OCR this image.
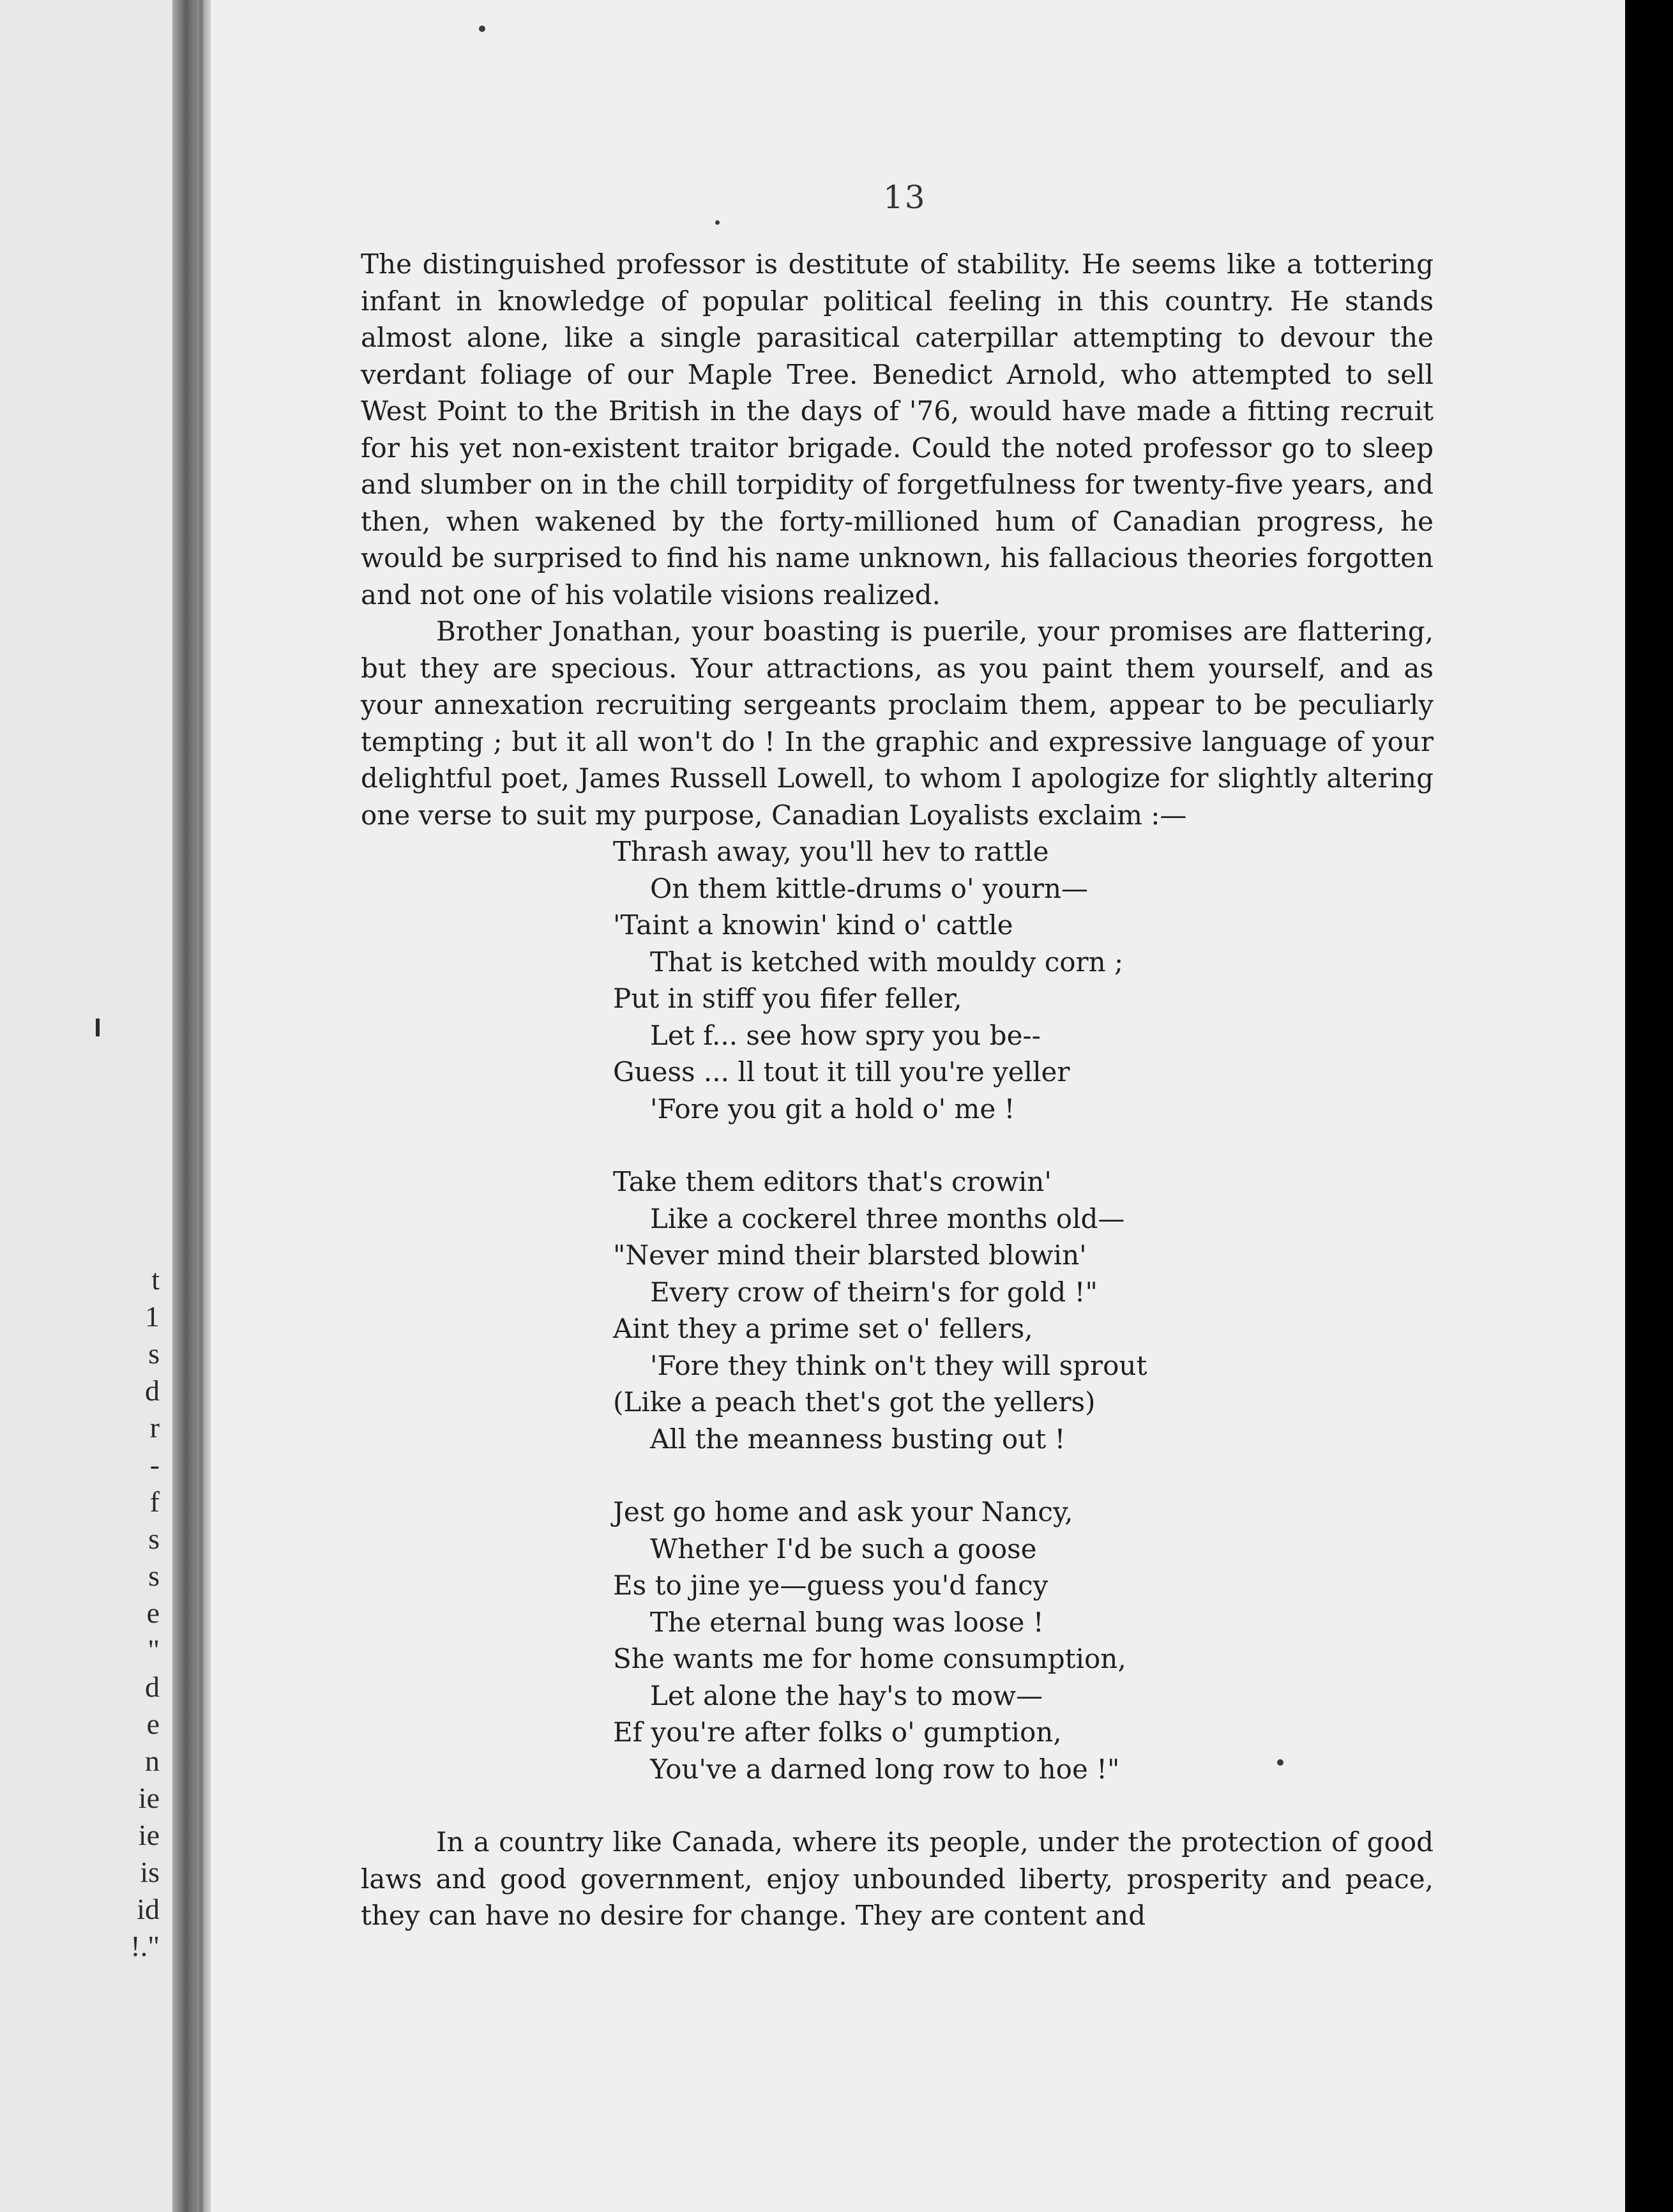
t
1
s
d
r
-
f
s
s
e
"
d
e
n
ie
ie
is
id
!."
13

The distinguished professor is destitute of stability. He seems like a tottering infant in knowledge of popular political feeling in this country. He stands almost alone, like a single parasitical caterpillar attempting to devour the verdant foliage of our Maple Tree. Benedict Arnold, who attempted to sell West Point to the British in the days of '76, would have made a fitting recruit for his yet non-existent traitor brigade. Could the noted professor go to sleep and slumber on in the chill torpidity of forgetfulness for twenty-five years, and then, when wakened by the forty-millioned hum of Canadian progress, he would be surprised to find his name unknown, his fallacious theories forgotten and not one of his volatile visions realized.

Brother Jonathan, your boasting is puerile, your promises are flattering, but they are specious. Your attractions, as you paint them yourself, and as your annexation recruiting sergeants proclaim them, appear to be peculiarly tempting ; but it all won't do ! In the graphic and expressive language of your delightful poet, James Russell Lowell, to whom I apologize for slightly altering one verse to suit my purpose, Canadian Loyalists exclaim :—

Thrash away, you'll hev to rattle
On them kittle-drums o' yourn—
'Taint a knowin' kind o' cattle
That is ketched with mouldy corn ;
Put in stiff you fifer feller,
Let f... see how spry you be--
Guess ... ll tout it till you're yeller
'Fore you git a hold o' me !
Take them editors that's crowin'
Like a cockerel three months old—
"Never mind their blarsted blowin'
Every crow of theirn's for gold !"
Aint they a prime set o' fellers,
'Fore they think on't they will sprout
(Like a peach thet's got the yellers)
All the meanness busting out !
Jest go home and ask your Nancy,
Whether I'd be such a goose
Es to jine ye—guess you'd fancy
The eternal bung was loose !
She wants me for home consumption,
Let alone the hay's to mow—
Ef you're after folks o' gumption,
You've a darned long row to hoe !"

In a country like Canada, where its people, under the protection of good laws and good government, enjoy unbounded liberty, prosperity and peace, they can have no desire for change. They are content and
